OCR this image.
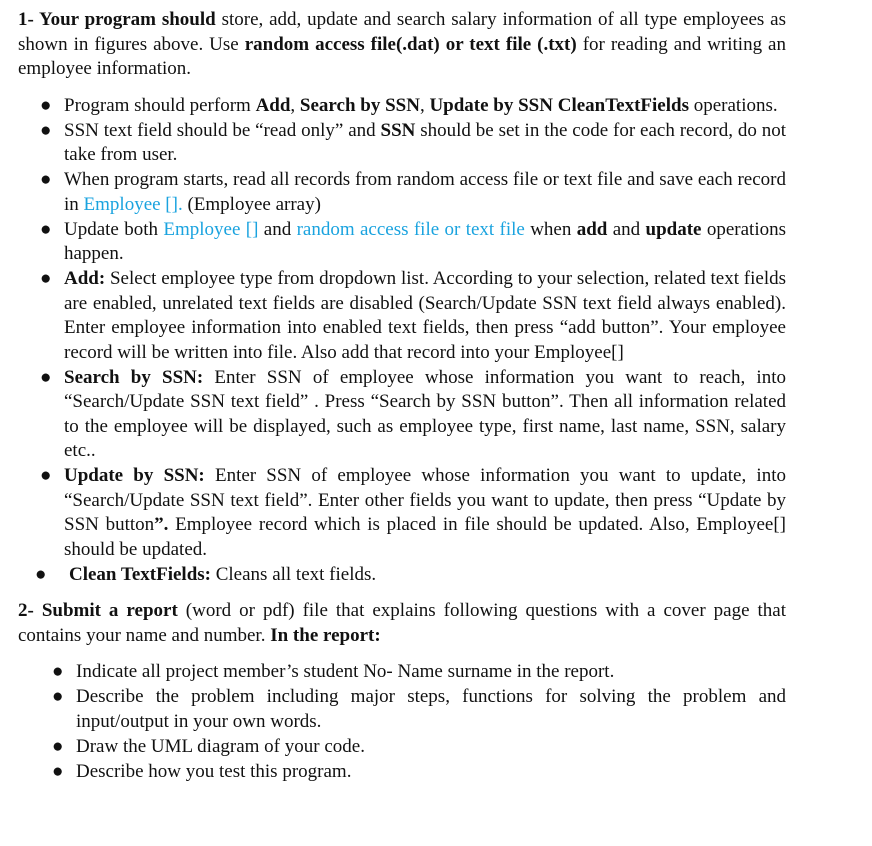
1- Your program should store, add, update and search salary information of all type employees as shown in figures above. Use random access file(.dat) or text file (.txt) for reading and writing an employee information.

● Program should perform Add, Search by SSN, Update by SSN CleanTextFields operations.
● SSN text field should be “read only” and SSN should be set in the code for each record, do not take from user.
● When program starts, read all records from random access file or text file and save each record in Employee []. (Employee array)
● Update both Employee [] and random access file or text file when add and update operations happen.
● Add: Select employee type from dropdown list. According to your selection, related text fields are enabled, unrelated text fields are disabled (Search/Update SSN text field always enabled). Enter employee information into enabled text fields, then press “add button”. Your employee record will be written into file. Also add that record into your Employee[]
● Search by SSN: Enter SSN of employee whose information you want to reach, into “Search/Update SSN text field” . Press “Search by SSN button”. Then all information related to the employee will be displayed, such as employee type, first name, last name, SSN, salary etc..
● Update by SSN: Enter SSN of employee whose information you want to update, into “Search/Update SSN text field”. Enter other fields you want to update, then press “Update by SSN button”. Employee record which is placed in file should be updated. Also, Employee[] should be updated.
● Clean TextFields: Cleans all text fields.

2- Submit a report (word or pdf) file that explains following questions with a cover page that contains your name and number. In the report:

● Indicate all project member’s student No- Name surname in the report.
● Describe the problem including major steps, functions for solving the problem and input/output in your own words.
● Draw the UML diagram of your code.
● Describe how you test this program.
